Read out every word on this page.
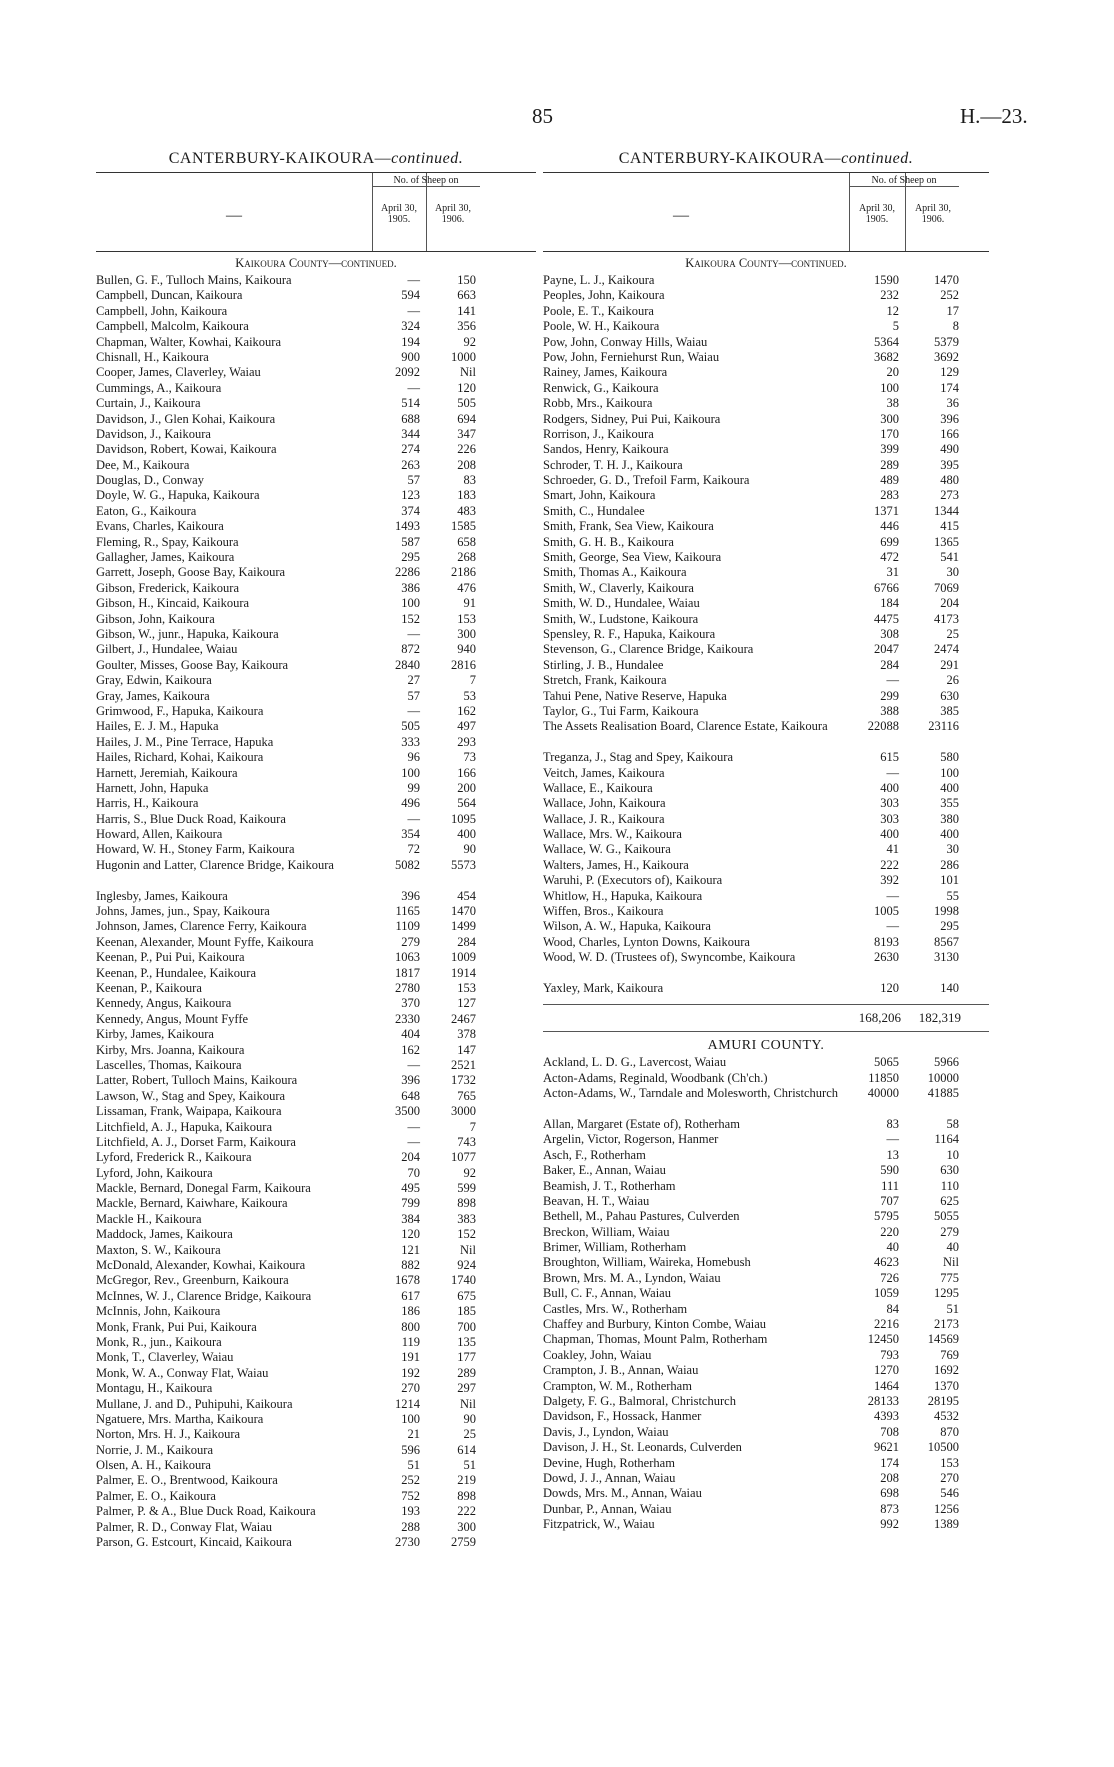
85	H.—23.
CANTERBURY-KAIKOURA—continued.
—
No. of Sheep on
April 30, 1905.
April 30, 1906.
Kaikoura County—continued.
Bullen, G. F., Tulloch Mains, Kaikoura	—	150
Campbell, Duncan, Kaikoura	594	663
Campbell, John, Kaikoura	—	141
Campbell, Malcolm, Kaikoura	324	356
Chapman, Walter, Kowhai, Kaikoura	194	92
Chisnall, H., Kaikoura	900	1000
Cooper, James, Claverley, Waiau	2092	Nil
Cummings, A., Kaikoura	—	120
Curtain, J., Kaikoura	514	505
Davidson, J., Glen Kohai, Kaikoura	688	694
Davidson, J., Kaikoura	344	347
Davidson, Robert, Kowai, Kaikoura	274	226
Dee, M., Kaikoura	263	208
Douglas, D., Conway	57	83
Doyle, W. G., Hapuka, Kaikoura	123	183
Eaton, G., Kaikoura	374	483
Evans, Charles, Kaikoura	1493	1585
Fleming, R., Spay, Kaikoura	587	658
Gallagher, James, Kaikoura	295	268
Garrett, Joseph, Goose Bay, Kaikoura	2286	2186
Gibson, Frederick, Kaikoura	386	476
Gibson, H., Kincaid, Kaikoura	100	91
Gibson, John, Kaikoura	152	153
Gibson, W., junr., Hapuka, Kaikoura	—	300
Gilbert, J., Hundalee, Waiau	872	940
Goulter, Misses, Goose Bay, Kaikoura	2840	2816
Gray, Edwin, Kaikoura	27	7
Gray, James, Kaikoura	57	53
Grimwood, F., Hapuka, Kaikoura	—	162
Hailes, E. J. M., Hapuka	505	497
Hailes, J. M., Pine Terrace, Hapuka	333	293
Hailes, Richard, Kohai, Kaikoura	96	73
Harnett, Jeremiah, Kaikoura	100	166
Harnett, John, Hapuka	99	200
Harris, H., Kaikoura	496	564
Harris, S., Blue Duck Road, Kaikoura	—	1095
Howard, Allen, Kaikoura	354	400
Howard, W. H., Stoney Farm, Kaikoura	72	90
Hugonin and Latter, Clarence Bridge, Kaikoura	5082	5573
Inglesby, James, Kaikoura	396	454
Johns, James, jun., Spay, Kaikoura	1165	1470
Johnson, James, Clarence Ferry, Kaikoura	1109	1499
Keenan, Alexander, Mount Fyffe, Kaikoura	279	284
Keenan, P., Pui Pui, Kaikoura	1063	1009
Keenan, P., Hundalee, Kaikoura	1817	1914
Keenan, P., Kaikoura	2780	153
Kennedy, Angus, Kaikoura	370	127
Kennedy, Angus, Mount Fyffe	2330	2467
Kirby, James, Kaikoura	404	378
Kirby, Mrs. Joanna, Kaikoura	162	147
Lascelles, Thomas, Kaikoura	—	2521
Latter, Robert, Tulloch Mains, Kaikoura	396	1732
Lawson, W., Stag and Spey, Kaikoura	648	765
Lissaman, Frank, Waipapa, Kaikoura	3500	3000
Litchfield, A. J., Hapuka, Kaikoura	—	7
Litchfield, A. J., Dorset Farm, Kaikoura	—	743
Lyford, Frederick R., Kaikoura	204	1077
Lyford, John, Kaikoura	70	92
Mackle, Bernard, Donegal Farm, Kaikoura	495	599
Mackle, Bernard, Kaiwhare, Kaikoura	799	898
Mackle H., Kaikoura	384	383
Maddock, James, Kaikoura	120	152
Maxton, S. W., Kaikoura	121	Nil
McDonald, Alexander, Kowhai, Kaikoura	882	924
McGregor, Rev., Greenburn, Kaikoura	1678	1740
McInnes, W. J., Clarence Bridge, Kaikoura	617	675
McInnis, John, Kaikoura	186	185
Monk, Frank, Pui Pui, Kaikoura	800	700
Monk, R., jun., Kaikoura	119	135
Monk, T., Claverley, Waiau	191	177
Monk, W. A., Conway Flat, Waiau	192	289
Montagu, H., Kaikoura	270	297
Mullane, J. and D., Puhipuhi, Kaikoura	1214	Nil
Ngatuere, Mrs. Martha, Kaikoura	100	90
Norton, Mrs. H. J., Kaikoura	21	25
Norrie, J. M., Kaikoura	596	614
Olsen, A. H., Kaikoura	51	51
Palmer, E. O., Brentwood, Kaikoura	252	219
Palmer, E. O., Kaikoura	752	898
Palmer, P. & A., Blue Duck Road, Kaikoura	193	222
Palmer, R. D., Conway Flat, Waiau	288	300
Parson, G. Estcourt, Kincaid, Kaikoura	2730	2759
CANTERBURY-KAIKOURA—continued.
—
No. of Sheep on
April 30, 1905.
April 30, 1906.
Kaikoura County—continued.
Payne, L. J., Kaikoura	1590	1470
Peoples, John, Kaikoura	232	252
Poole, E. T., Kaikoura	12	17
Poole, W. H., Kaikoura	5	8
Pow, John, Conway Hills, Waiau	5364	5379
Pow, John, Ferniehurst Run, Waiau	3682	3692
Rainey, James, Kaikoura	20	129
Renwick, G., Kaikoura	100	174
Robb, Mrs., Kaikoura	38	36
Rodgers, Sidney, Pui Pui, Kaikoura	300	396
Rorrison, J., Kaikoura	170	166
Sandos, Henry, Kaikoura	399	490
Schroder, T. H. J., Kaikoura	289	395
Schroeder, G. D., Trefoil Farm, Kaikoura	489	480
Smart, John, Kaikoura	283	273
Smith, C., Hundalee	1371	1344
Smith, Frank, Sea View, Kaikoura	446	415
Smith, G. H. B., Kaikoura	699	1365
Smith, George, Sea View, Kaikoura	472	541
Smith, Thomas A., Kaikoura	31	30
Smith, W., Claverly, Kaikoura	6766	7069
Smith, W. D., Hundalee, Waiau	184	204
Smith, W., Ludstone, Kaikoura	4475	4173
Spensley, R. F., Hapuka, Kaikoura	308	25
Stevenson, G., Clarence Bridge, Kaikoura	2047	2474
Stirling, J. B., Hundalee	284	291
Stretch, Frank, Kaikoura	—	26
Tahui Pene, Native Reserve, Hapuka	299	630
Taylor, G., Tui Farm, Kaikoura	388	385
The Assets Realisation Board, Clarence Estate, Kaikoura	22088	23116
Treganza, J., Stag and Spey, Kaikoura	615	580
Veitch, James, Kaikoura	—	100
Wallace, E., Kaikoura	400	400
Wallace, John, Kaikoura	303	355
Wallace, J. R., Kaikoura	303	380
Wallace, Mrs. W., Kaikoura	400	400
Wallace, W. G., Kaikoura	41	30
Walters, James, H., Kaikoura	222	286
Waruhi, P. (Executors of), Kaikoura	392	101
Whitlow, H., Hapuka, Kaikoura	—	55
Wiffen, Bros., Kaikoura	1005	1998
Wilson, A. W., Hapuka, Kaikoura	—	295
Wood, Charles, Lynton Downs, Kaikoura	8193	8567
Wood, W. D. (Trustees of), Swyncombe, Kaikoura	2630	3130
Yaxley, Mark, Kaikoura	120	140
168,206	182,319
AMURI COUNTY.
Ackland, L. D. G., Lavercost, Waiau	5065	5966
Acton-Adams, Reginald, Woodbank (Ch'ch.)	11850	10000
Acton-Adams, W., Tarndale and Molesworth, Christchurch	40000	41885
Allan, Margaret (Estate of), Rotherham	83	58
Argelin, Victor, Rogerson, Hanmer	—	1164
Asch, F., Rotherham	13	10
Baker, E., Annan, Waiau	590	630
Beamish, J. T., Rotherham	111	110
Beavan, H. T., Waiau	707	625
Bethell, M., Pahau Pastures, Culverden	5795	5055
Breckon, William, Waiau	220	279
Brimer, William, Rotherham	40	40
Broughton, William, Waireka, Homebush	4623	Nil
Brown, Mrs. M. A., Lyndon, Waiau	726	775
Bull, C. F., Annan, Waiau	1059	1295
Castles, Mrs. W., Rotherham	84	51
Chaffey and Burbury, Kinton Combe, Waiau	2216	2173
Chapman, Thomas, Mount Palm, Rotherham	12450	14569
Coakley, John, Waiau	793	769
Crampton, J. B., Annan, Waiau	1270	1692
Crampton, W. M., Rotherham	1464	1370
Dalgety, F. G., Balmoral, Christchurch	28133	28195
Davidson, F., Hossack, Hanmer	4393	4532
Davis, J., Lyndon, Waiau	708	870
Davison, J. H., St. Leonards, Culverden	9621	10500
Devine, Hugh, Rotherham	174	153
Dowd, J. J., Annan, Waiau	208	270
Dowds, Mrs. M., Annan, Waiau	698	546
Dunbar, P., Annan, Waiau	873	1256
Fitzpatrick, W., Waiau	992	1389
